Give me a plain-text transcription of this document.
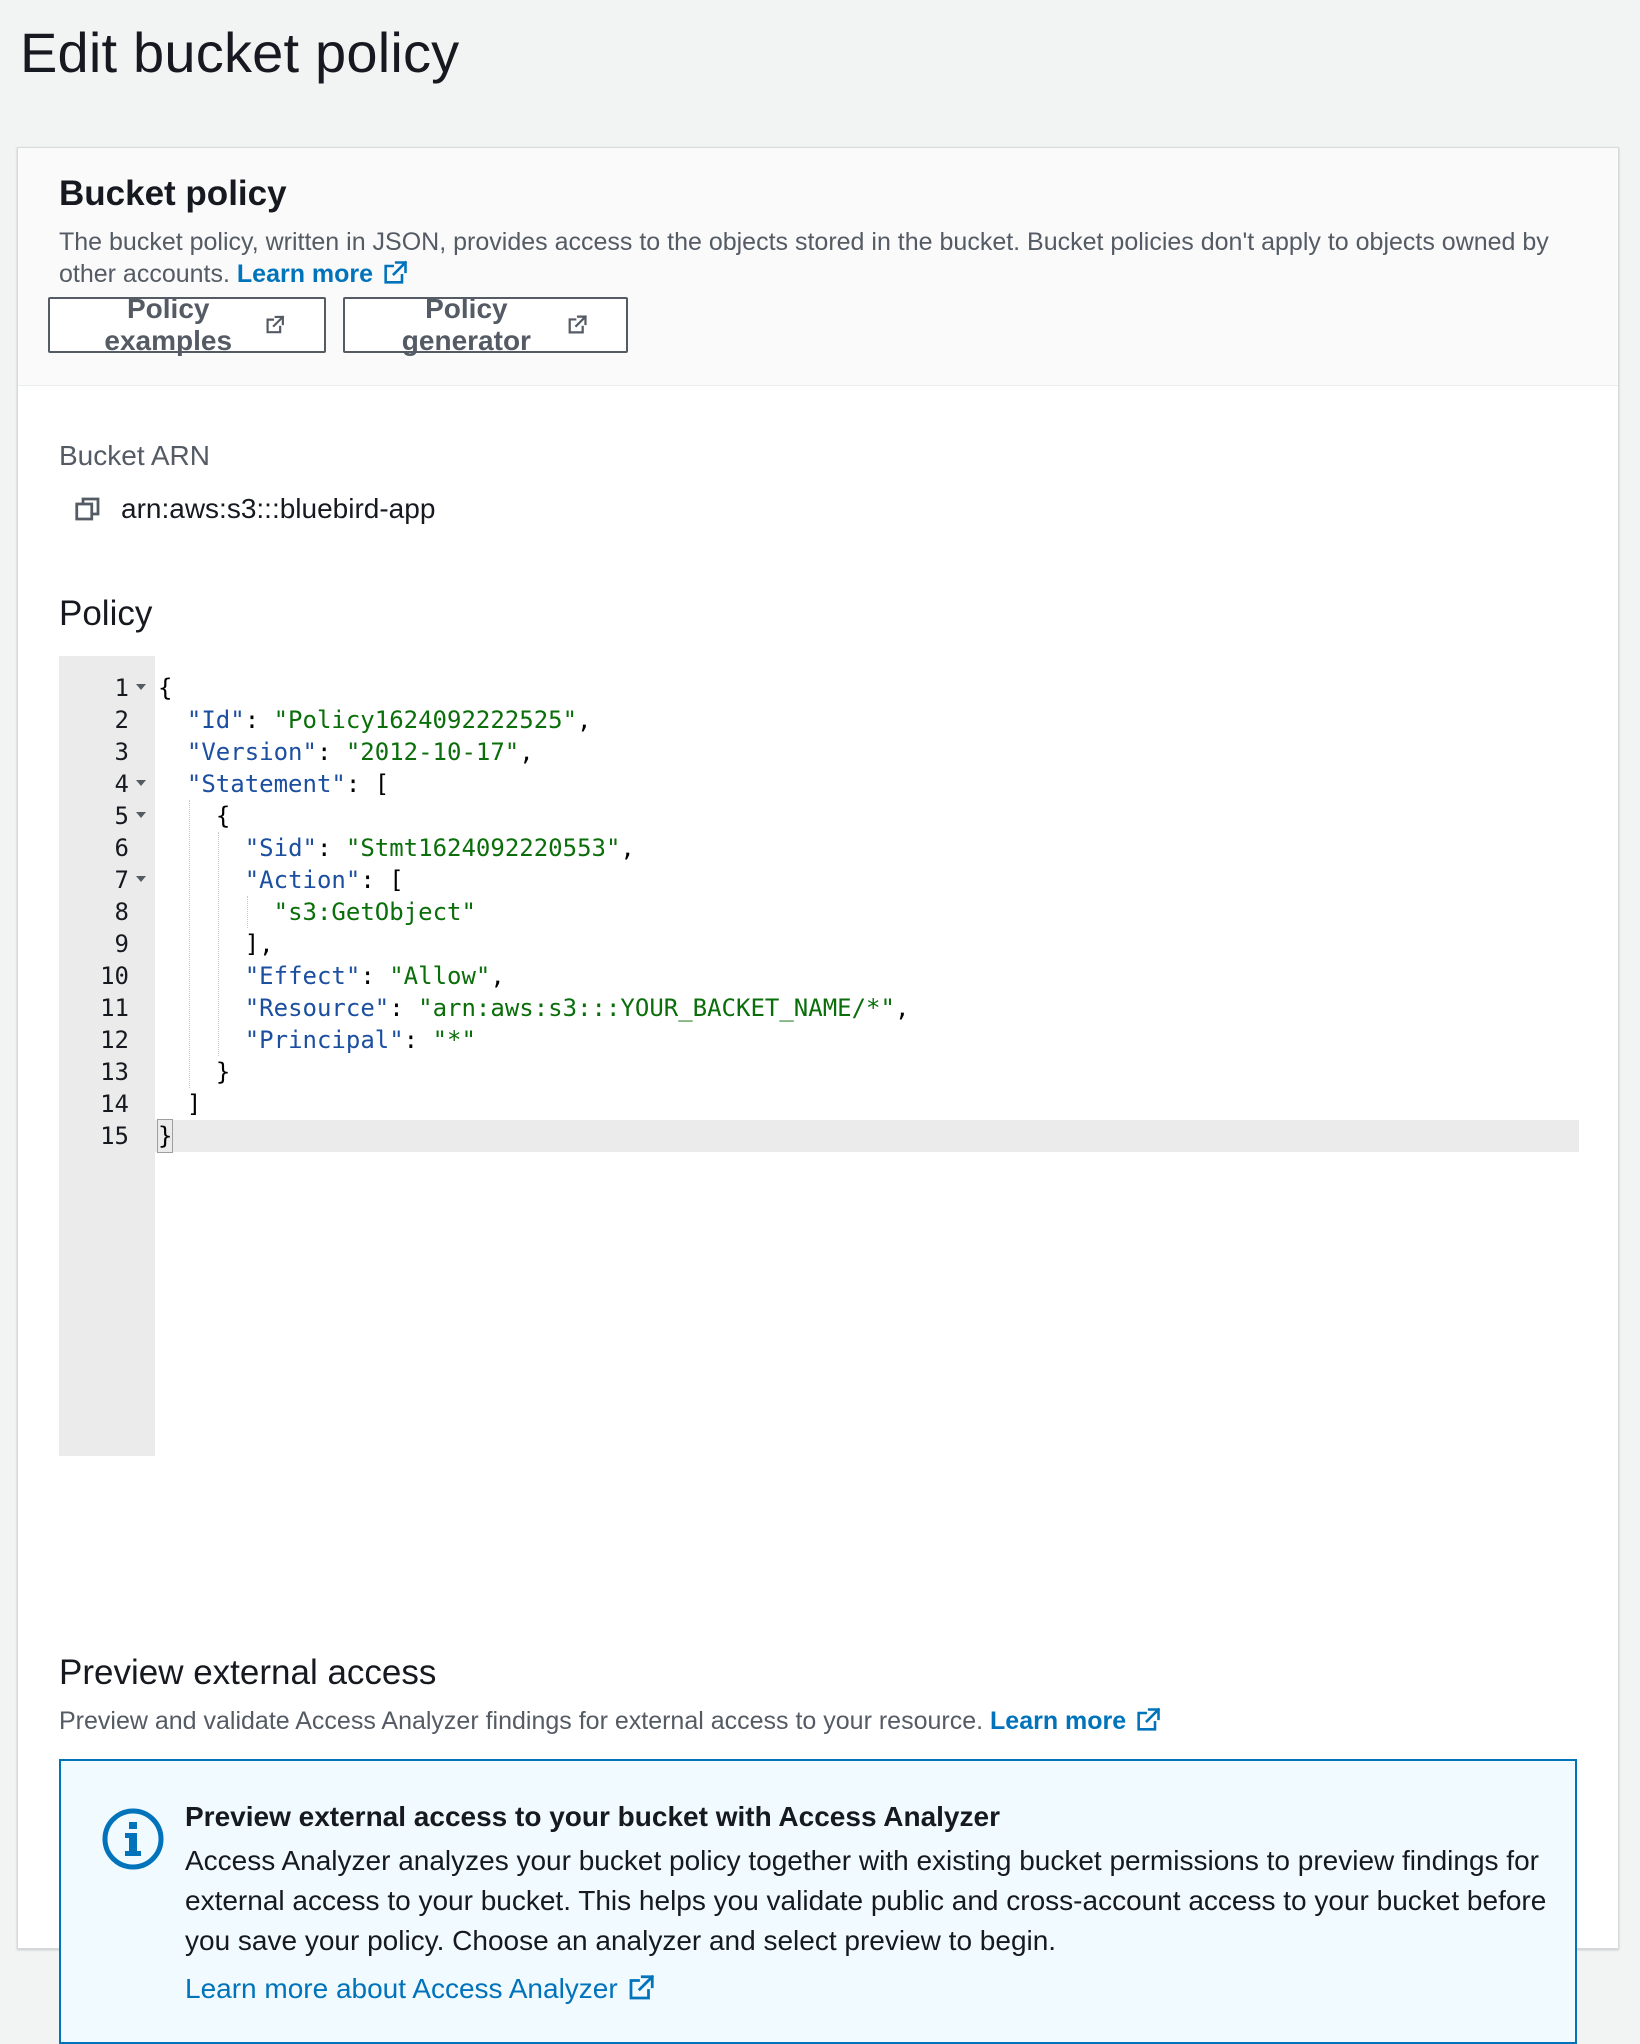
Edit bucket policy
Bucket policy

The bucket policy, written in JSON, provides access to the objects stored in the bucket. Bucket policies don't apply to objects owned by other accounts. Learn more

Policy examples
Policy generator

Bucket ARN

arn:aws:s3:::bluebird-app
Policy
1 {
2	"Id": "Policy1624092222525",
3	"Version": "2012-10-17",
4	"Statement": [
5	{
6	"Sid": "Stmt1624092220553",
7	"Action": [
8	"s3:GetObject"
9	],
10	"Effect": "Allow",
11	"Resource": "arn:aws:s3:::YOUR_BACKET_NAME/*",
12	"Principal": "*"
13	}
14	]
15 }
Preview external access

Preview and validate Access Analyzer findings for external access to your resource. Learn more

Preview external access to your bucket with Access Analyzer

Access Analyzer analyzes your bucket policy together with existing bucket permissions to preview findings for external access to your bucket. This helps you validate public and cross-account access to your bucket before you save your policy. Choose an analyzer and select preview to begin.

Learn more about Access Analyzer
